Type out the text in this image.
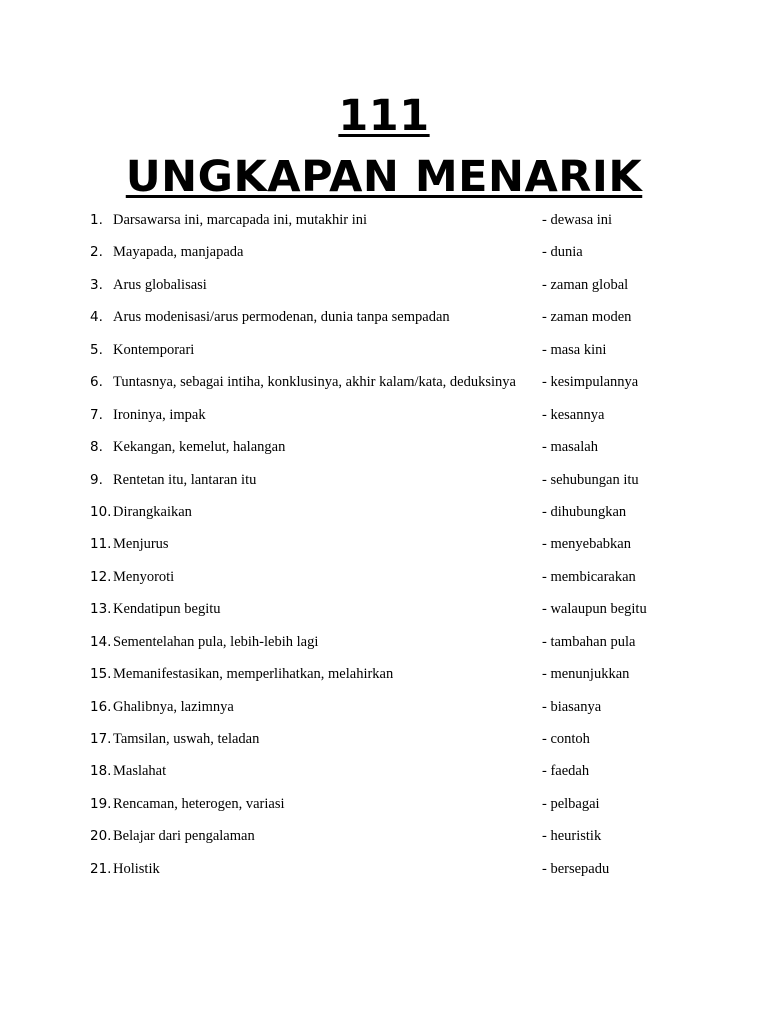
111
UNGKAPAN MENARIK
1. Darsawarsa ini, marcapada ini, mutakhir ini	- dewasa ini
2. Mayapada, manjapada	- dunia
3. Arus globalisasi	- zaman global
4. Arus modenisasi/arus permodenan, dunia tanpa sempadan	- zaman moden
5. Kontemporari	- masa kini
6. Tuntasnya, sebagai intiha, konklusinya, akhir kalam/kata, deduksinya - kesimpulannya
7. Ironinya, impak	- kesannya
8. Kekangan, kemelut, halangan	- masalah
9. Rentetan itu, lantaran itu	- sehubungan itu
10. Dirangkaikan	- dihubungkan
11. Menjurus	- menyebabkan
12. Menyoroti	- membicarakan
13. Kendatipun begitu	- walaupun begitu
14. Sementelahan pula, lebih-lebih lagi	- tambahan pula
15. Memanifestasikan, memperlihatkan, melahirkan	- menunjukkan
16. Ghalibnya, lazimnya	- biasanya
17. Tamsilan, uswah, teladan	- contoh
18. Maslahat	- faedah
19. Rencaman, heterogen, variasi	- pelbagai
20. Belajar dari pengalaman	- heuristik
21. Holistik	- bersepadu
